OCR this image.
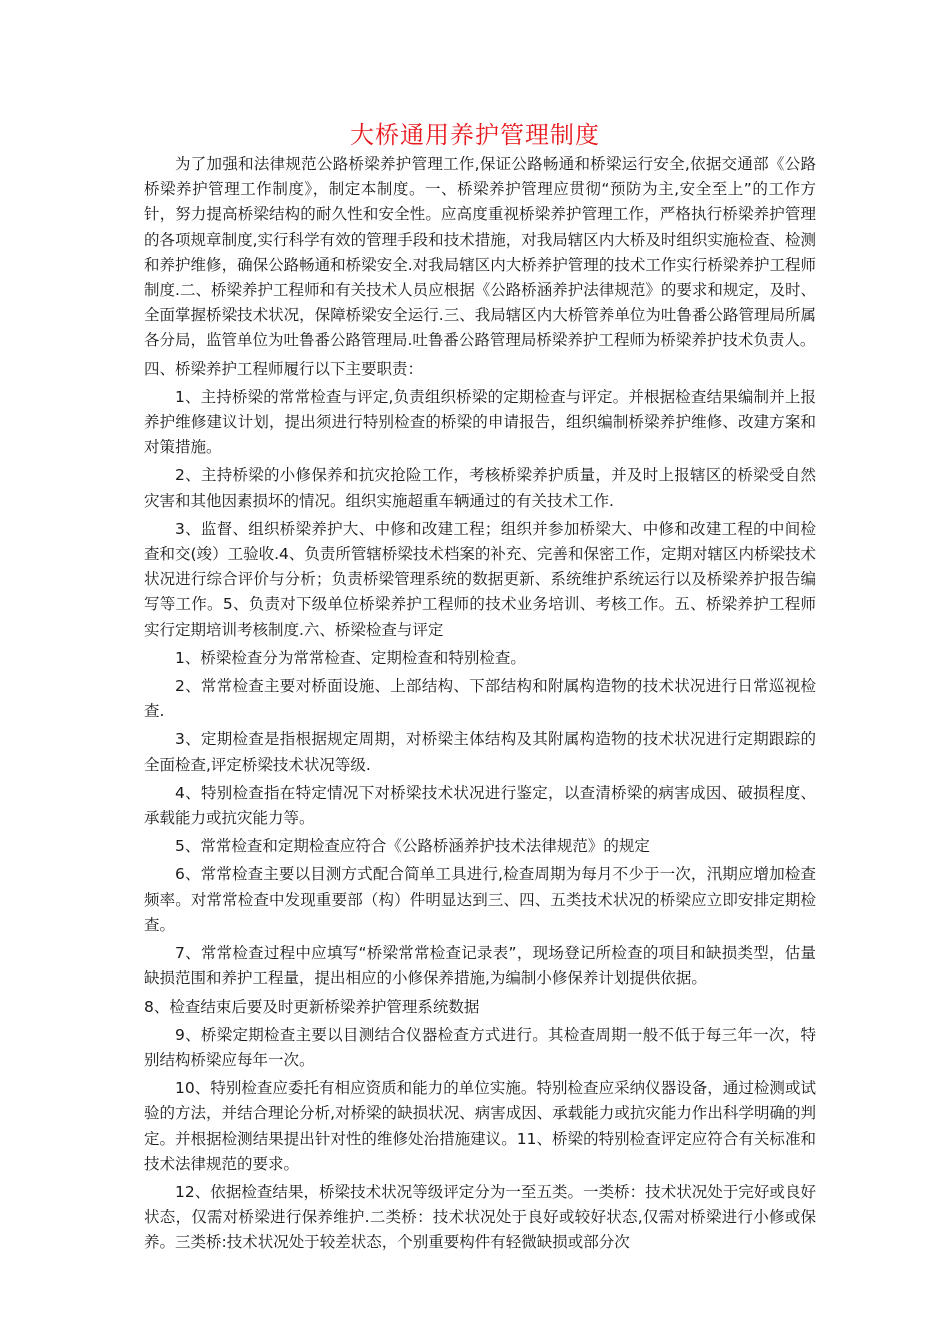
大桥通用养护管理制度

为了加强和法律规范公路桥梁养护管理工作,保证公路畅通和桥梁运行安全,依据交通部《公路桥梁养护管理工作制度》，制定本制度。一、桥梁养护管理应贯彻“预防为主,安全至上”的工作方针，努力提高桥梁结构的耐久性和安全性。应高度重视桥梁养护管理工作，严格执行桥梁养护管理的各项规章制度,实行科学有效的管理手段和技术措施，对我局辖区内大桥及时组织实施检查、检测和养护维修，确保公路畅通和桥梁安全.对我局辖区内大桥养护管理的技术工作实行桥梁养护工程师制度.二、桥梁养护工程师和有关技术人员应根据《公路桥涵养护法律规范》的要求和规定，及时、全面掌握桥梁技术状况，保障桥梁安全运行.三、我局辖区内大桥管养单位为吐鲁番公路管理局所属各分局，监管单位为吐鲁番公路管理局.吐鲁番公路管理局桥梁养护工程师为桥梁养护技术负责人。

四、桥梁养护工程师履行以下主要职责：

1、主持桥梁的常常检查与评定,负责组织桥梁的定期检查与评定。并根据检查结果编制并上报养护维修建议计划，提出须进行特别检查的桥梁的申请报告，组织编制桥梁养护维修、改建方案和对策措施。

2、主持桥梁的小修保养和抗灾抢险工作，考核桥梁养护质量，并及时上报辖区的桥梁受自然灾害和其他因素损坏的情况。组织实施超重车辆通过的有关技术工作.

3、监督、组织桥梁养护大、中修和改建工程；组织并参加桥梁大、中修和改建工程的中间检查和交(竣）工验收.4、负责所管辖桥梁技术档案的补充、完善和保密工作，定期对辖区内桥梁技术状况进行综合评价与分析；负责桥梁管理系统的数据更新、系统维护系统运行以及桥梁养护报告编写等工作。5、负责对下级单位桥梁养护工程师的技术业务培训、考核工作。五、桥梁养护工程师实行定期培训考核制度.六、桥梁检查与评定

1、桥梁检查分为常常检查、定期检查和特别检查。

2、常常检查主要对桥面设施、上部结构、下部结构和附属构造物的技术状况进行日常巡视检查.

3、定期检查是指根据规定周期，对桥梁主体结构及其附属构造物的技术状况进行定期跟踪的全面检查,评定桥梁技术状况等级.

4、特别检查指在特定情况下对桥梁技术状况进行鉴定，以查清桥梁的病害成因、破损程度、承载能力或抗灾能力等。

5、常常检查和定期检查应符合《公路桥涵养护技术法律规范》的规定

6、常常检查主要以目测方式配合简单工具进行,检查周期为每月不少于一次，汛期应增加检查频率。对常常检查中发现重要部（构）件明显达到三、四、五类技术状况的桥梁应立即安排定期检查。

7、常常检查过程中应填写“桥梁常常检查记录表”，现场登记所检查的项目和缺损类型，估量缺损范围和养护工程量，提出相应的小修保养措施,为编制小修保养计划提供依据。

8、检查结束后要及时更新桥梁养护管理系统数据

9、桥梁定期检查主要以目测结合仪器检查方式进行。其检查周期一般不低于每三年一次，特别结构桥梁应每年一次。

10、特别检查应委托有相应资质和能力的单位实施。特别检查应采纳仪器设备，通过检测或试验的方法，并结合理论分析,对桥梁的缺损状况、病害成因、承载能力或抗灾能力作出科学明确的判定。并根据检测结果提出针对性的维修处治措施建议。11、桥梁的特别检查评定应符合有关标准和技术法律规范的要求。

12、依据检查结果，桥梁技术状况等级评定分为一至五类。一类桥：技术状况处于完好或良好状态，仅需对桥梁进行保养维护.二类桥：技术状况处于良好或较好状态,仅需对桥梁进行小修或保养。三类桥:技术状况处于较差状态，个别重要构件有轻微缺损或部分次
